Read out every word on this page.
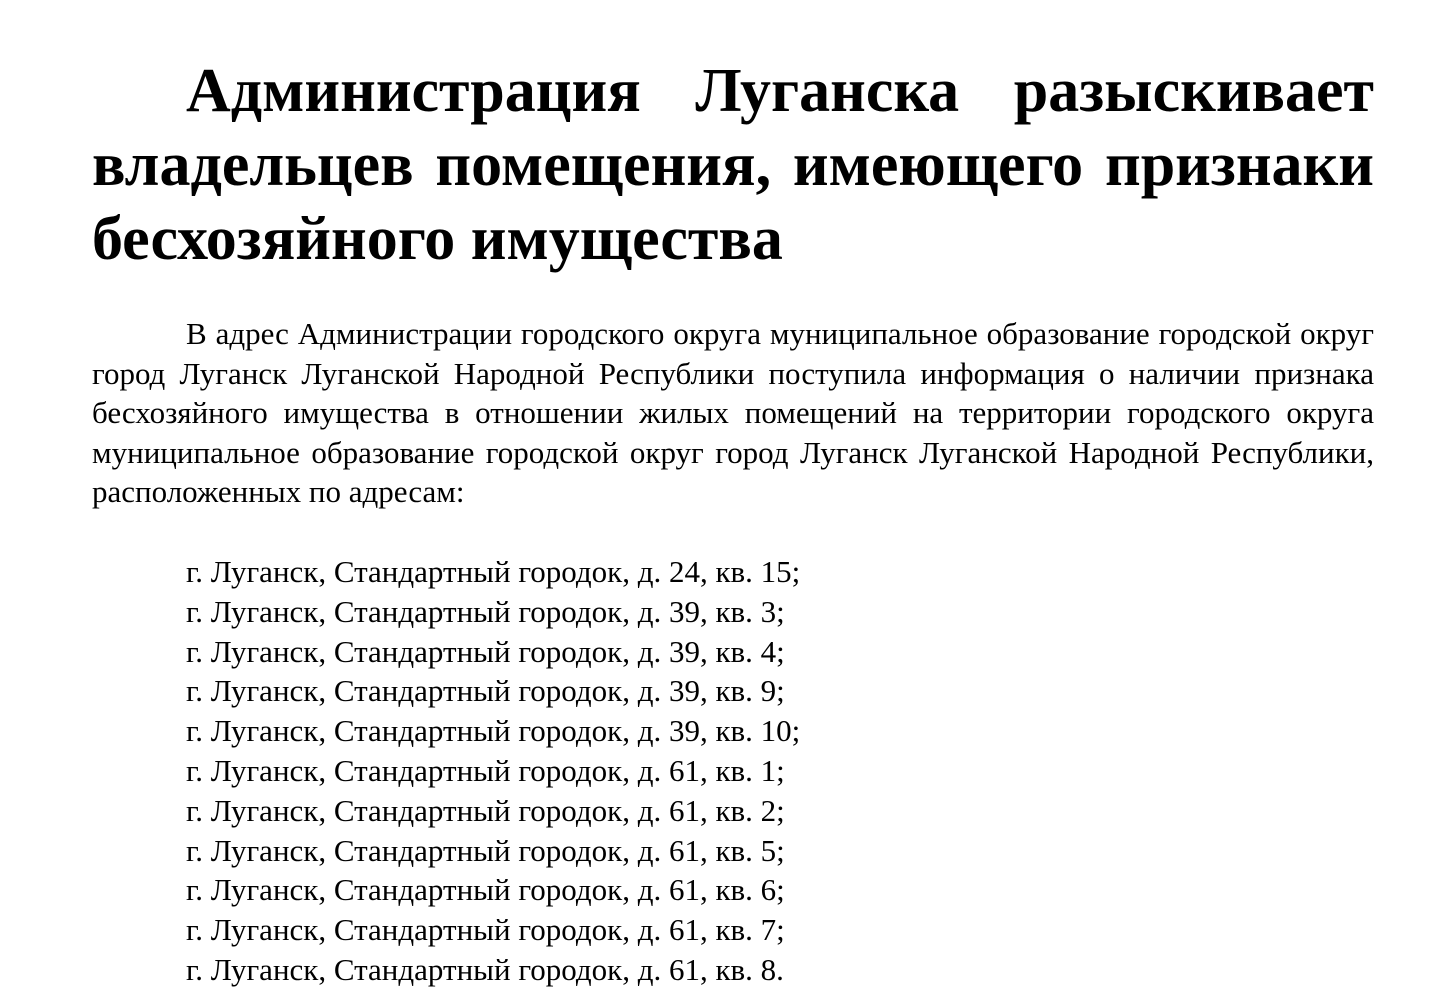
Администрация Луганска разыскивает владельцев помещения, имеющего признаки бесхозяйного имущества

В адрес Администрации городского округа муниципальное образование городской округ город Луганск Луганской Народной Республики поступила информация о наличии признака бесхозяйного имущества в отношении жилых помещений на территории городского округа муниципальное образование городской округ город Луганск Луганской Народной Республики, расположенных по адресам:

г. Луганск, Стандартный городок, д. 24, кв. 15;
г. Луганск, Стандартный городок, д. 39, кв. 3;
г. Луганск, Стандартный городок, д. 39, кв. 4;
г. Луганск, Стандартный городок, д. 39, кв. 9;
г. Луганск, Стандартный городок, д. 39, кв. 10;
г. Луганск, Стандартный городок, д. 61, кв. 1;
г. Луганск, Стандартный городок, д. 61, кв. 2;
г. Луганск, Стандартный городок, д. 61, кв. 5;
г. Луганск, Стандартный городок, д. 61, кв. 6;
г. Луганск, Стандартный городок, д. 61, кв. 7;
г. Луганск, Стандартный городок, д. 61, кв. 8.
